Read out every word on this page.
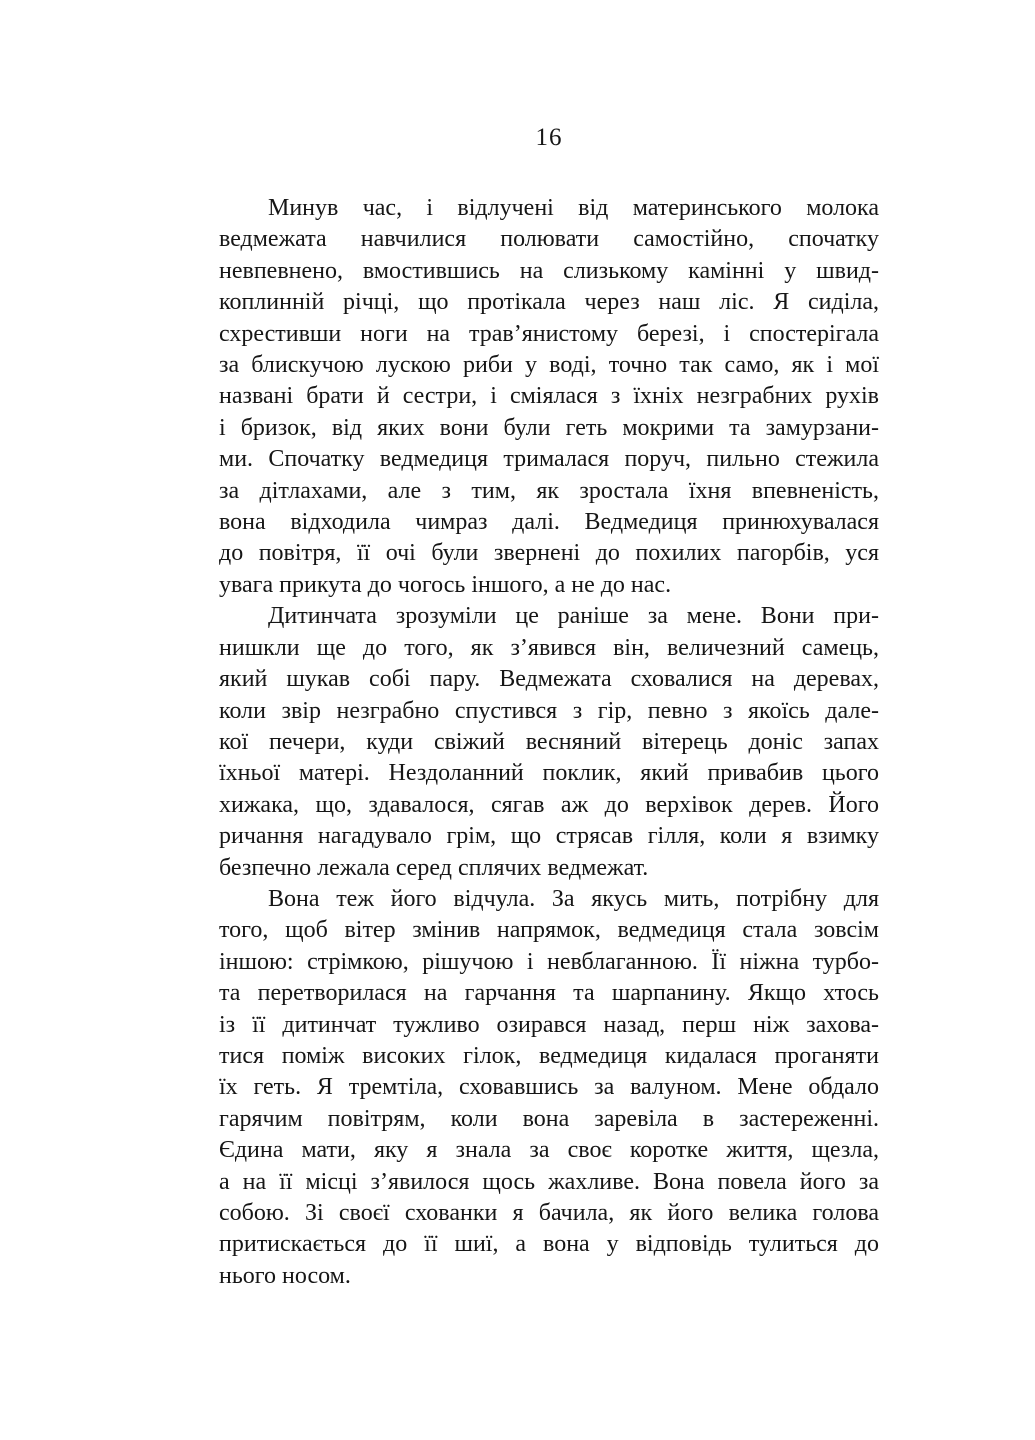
16
Минув час, і відлучені від материнського молока
ведмежата навчилися полювати самостійно, спочатку
невпевнено, вмостившись на слизькому камінні у швид-
коплинній річці, що протікала через наш ліс. Я сиділа,
схрестивши ноги на трав’янистому березі, і спостерігала
за блискучою лускою риби у воді, точно так само, як і мої
названі брати й сестри, і сміялася з їхніх незграбних рухів
і бризок, від яких вони були геть мокрими та замурзани-
ми. Спочатку ведмедиця трималася поруч, пильно стежила
за дітлахами, але з тим, як зростала їхня впевненість,
вона відходила чимраз далі. Ведмедиця принюхувалася
до повітря, її очі були звернені до похилих пагорбів, уся
увага прикута до чогось іншого, а не до нас.
Дитинчата зрозуміли це раніше за мене. Вони при-
нишкли ще до того, як з’явився він, величезний самець,
який шукав собі пару. Ведмежата сховалися на деревах,
коли звір незграбно спустився з гір, певно з якоїсь дале-
кої печери, куди свіжий весняний вітерець доніс запах
їхньої матері. Нездоланний поклик, який привабив цього
хижака, що, здавалося, сягав аж до верхівок дерев. Його
ричання нагадувало грім, що стрясав гілля, коли я взимку
безпечно лежала серед сплячих ведмежат.
Вона теж його відчула. За якусь мить, потрібну для
того, щоб вітер змінив напрямок, ведмедиця стала зовсім
іншою: стрімкою, рішучою і невблаганною. Її ніжна турбо-
та перетворилася на гарчання та шарпанину. Якщо хтось
із її дитинчат тужливо озирався назад, перш ніж захова-
тися поміж високих гілок, ведмедиця кидалася проганяти
їх геть. Я тремтіла, сховавшись за валуном. Мене обдало
гарячим повітрям, коли вона заревіла в застереженні.
Єдина мати, яку я знала за своє коротке життя, щезла,
а на її місці з’явилося щось жахливе. Вона повела його за
собою. Зі своєї схованки я бачила, як його велика голова
притискається до її шиї, а вона у відповідь тулиться до
нього носом.
